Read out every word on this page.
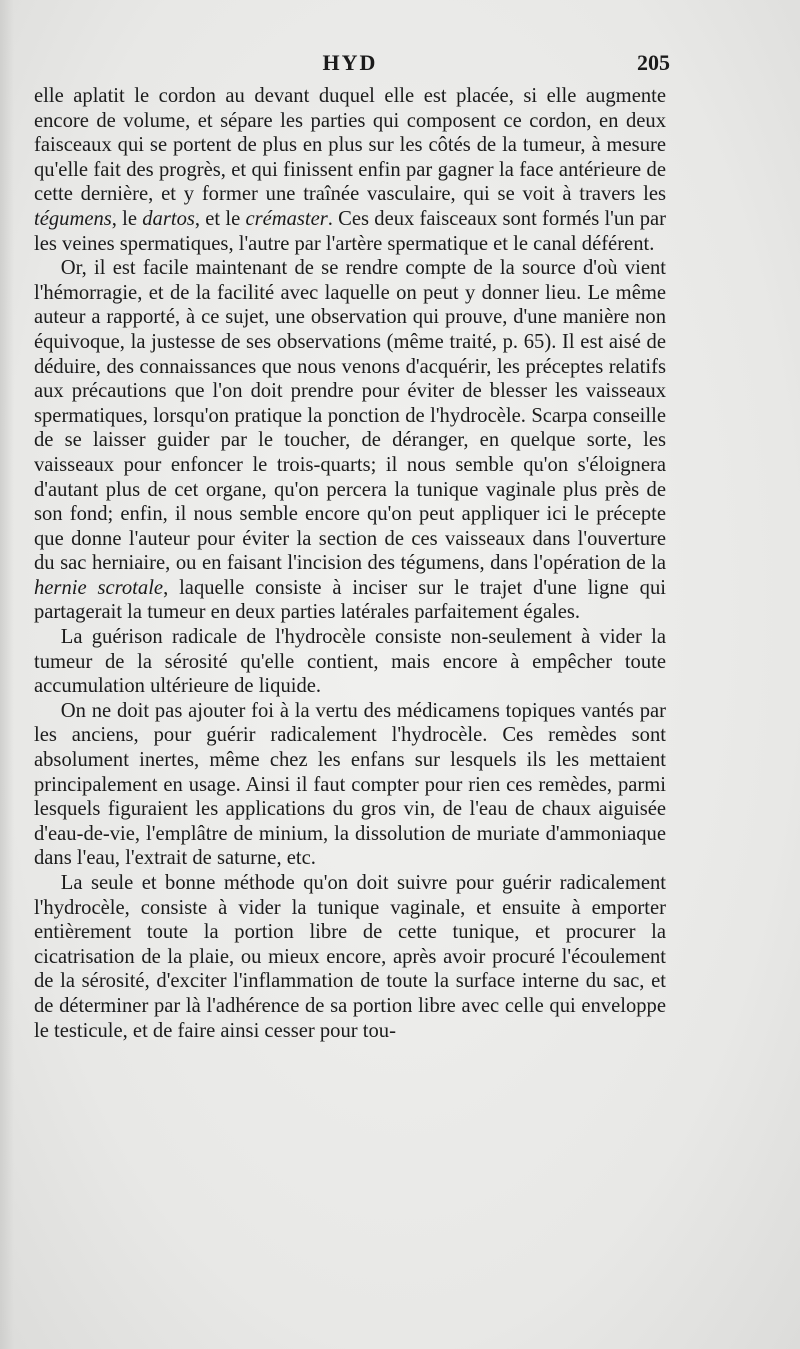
HYD	205

elle aplatit le cordon au devant duquel elle est placée, si elle augmente encore de volume, et sépare les parties qui composent ce cordon, en deux faisceaux qui se portent de plus en plus sur les côtés de la tumeur, à mesure qu'elle fait des progrès, et qui finissent enfin par gagner la face antérieure de cette dernière, et y former une traînée vasculaire, qui se voit à travers les tégumens, le dartos, et le crémaster. Ces deux faisceaux sont formés l'un par les veines spermatiques, l'autre par l'artère spermatique et le canal déférent.

Or, il est facile maintenant de se rendre compte de la source d'où vient l'hémorragie, et de la facilité avec laquelle on peut y donner lieu. Le même auteur a rapporté, à ce sujet, une observation qui prouve, d'une manière non équivoque, la justesse de ses observations (même traité, p. 65). Il est aisé de déduire, des connaissances que nous venons d'acquérir, les préceptes relatifs aux précautions que l'on doit prendre pour éviter de blesser les vaisseaux spermatiques, lorsqu'on pratique la ponction de l'hydrocèle. Scarpa conseille de se laisser guider par le toucher, de déranger, en quelque sorte, les vaisseaux pour enfoncer le trois-quarts; il nous semble qu'on s'éloignera d'autant plus de cet organe, qu'on percera la tunique vaginale plus près de son fond; enfin, il nous semble encore qu'on peut appliquer ici le précepte que donne l'auteur pour éviter la section de ces vaisseaux dans l'ouverture du sac herniaire, ou en faisant l'incision des tégumens, dans l'opération de la hernie scrotale, laquelle consiste à inciser sur le trajet d'une ligne qui partagerait la tumeur en deux parties latérales parfaitement égales.

La guérison radicale de l'hydrocèle consiste non-seulement à vider la tumeur de la sérosité qu'elle contient, mais encore à empêcher toute accumulation ultérieure de liquide.

On ne doit pas ajouter foi à la vertu des médicamens topiques vantés par les anciens, pour guérir radicalement l'hydrocèle. Ces remèdes sont absolument inertes, même chez les enfans sur lesquels ils les mettaient principalement en usage. Ainsi il faut compter pour rien ces remèdes, parmi lesquels figuraient les applications du gros vin, de l'eau de chaux aiguisée d'eau-de-vie, l'emplâtre de minium, la dissolution de muriate d'ammoniaque dans l'eau, l'extrait de saturne, etc.

La seule et bonne méthode qu'on doit suivre pour guérir radicalement l'hydrocèle, consiste à vider la tunique vaginale, et ensuite à emporter entièrement toute la portion libre de cette tunique, et procurer la cicatrisation de la plaie, ou mieux encore, après avoir procuré l'écoulement de la sérosité, d'exciter l'inflammation de toute la surface interne du sac, et de déterminer par là l'adhérence de sa portion libre avec celle qui enveloppe le testicule, et de faire ainsi cesser pour tou-
